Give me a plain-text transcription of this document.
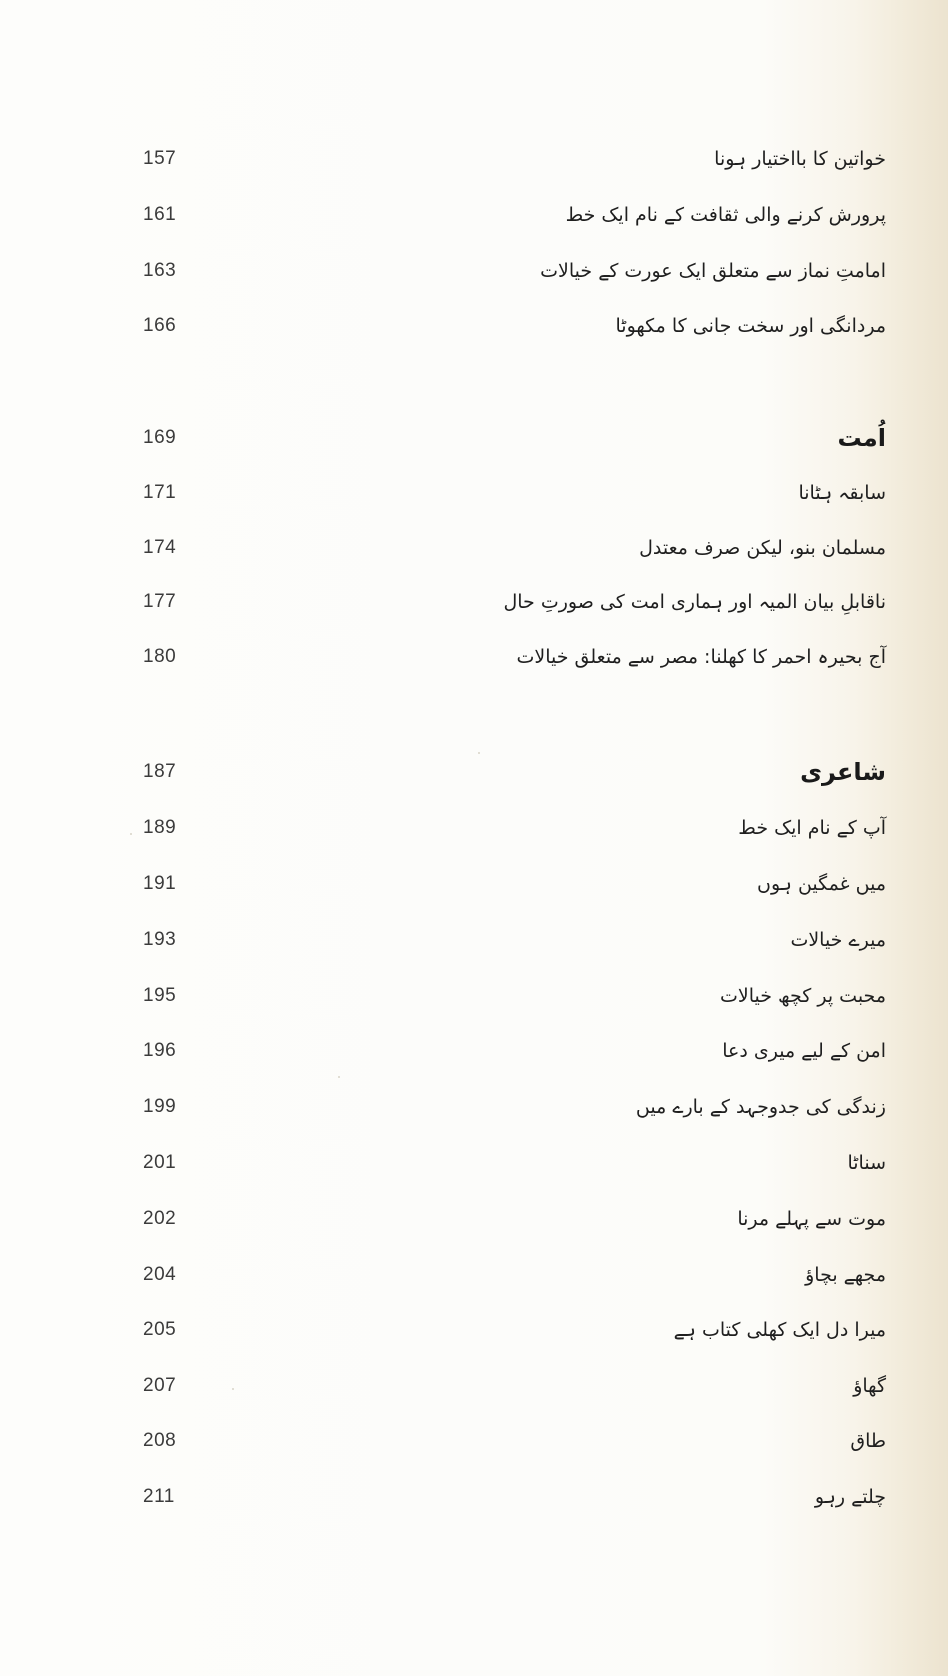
157	خواتین کا بااختیار ہونا
161	پرورش کرنے والی ثقافت کے نام ایک خط
163	امامتِ نماز سے متعلق ایک عورت کے خیالات
166	مردانگی اور سخت جانی کا مکھوٹا
169	اُمت
171	سابقہ ہٹانا
174	مسلمان بنو، لیکن صرف معتدل
177	ناقابلِ بیان المیہ اور ہماری امت کی صورتِ حال
180	آج بحیرہ احمر کا کھلنا: مصر سے متعلق خیالات
187	شاعری
189	آپ کے نام ایک خط
191	میں غمگین ہوں
193	میرے خیالات
195	محبت پر کچھ خیالات
196	امن کے لیے میری دعا
199	زندگی کی جدوجہد کے بارے میں
201	سناٹا
202	موت سے پہلے مرنا
204	مجھے بچاؤ
205	میرا دل ایک کھلی کتاب ہے
207	گھاؤ
208	طاق
211	چلتے رہو
